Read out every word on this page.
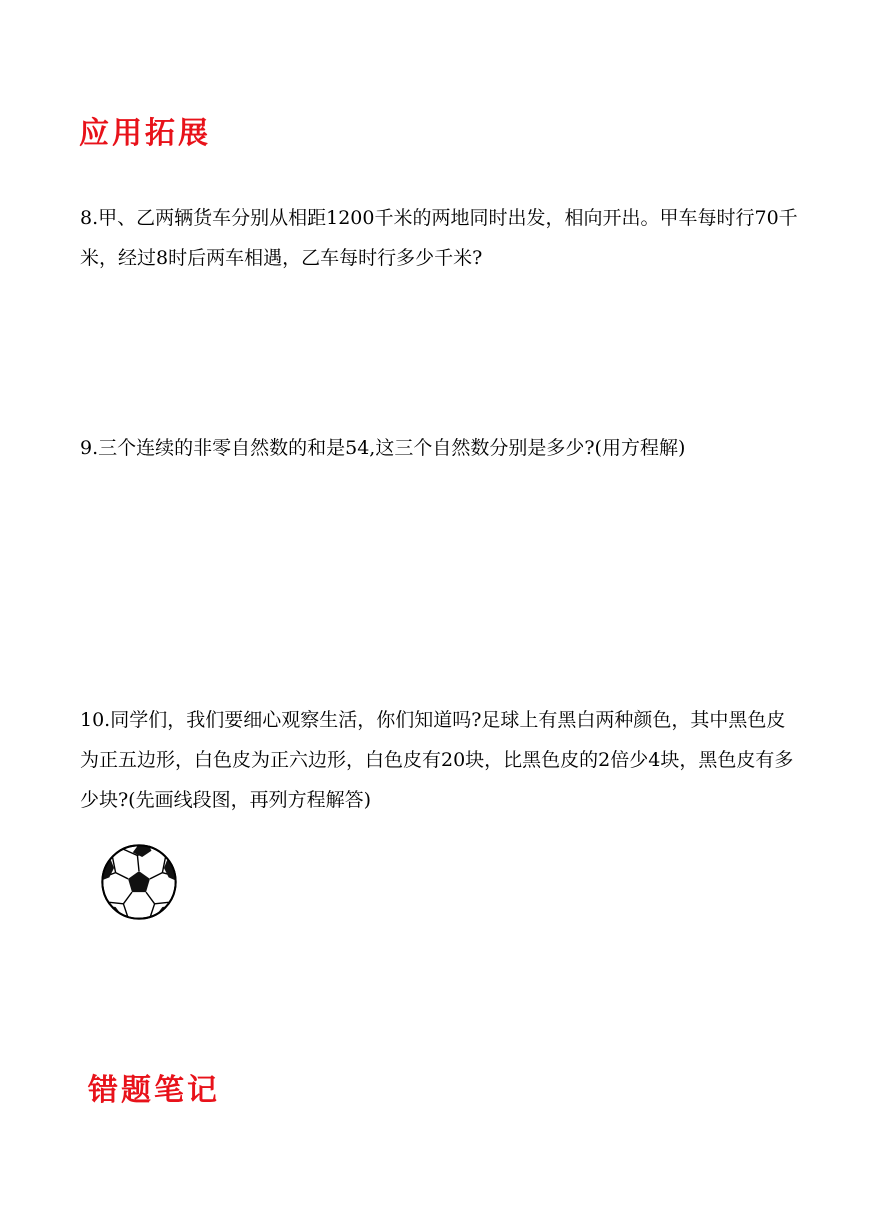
应用拓展

8.甲、乙两辆货车分别从相距1200千米的两地同时出发，相向开出。甲车每时行70千米，经过8时后两车相遇，乙车每时行多少千米?

9.三个连续的非零自然数的和是54,这三个自然数分别是多少?(用方程解)

10.同学们，我们要细心观察生活，你们知道吗?足球上有黑白两种颜色，其中黑色皮为正五边形，白色皮为正六边形，白色皮有20块，比黑色皮的2倍少4块，黑色皮有多少块?(先画线段图，再列方程解答)

错题笔记
